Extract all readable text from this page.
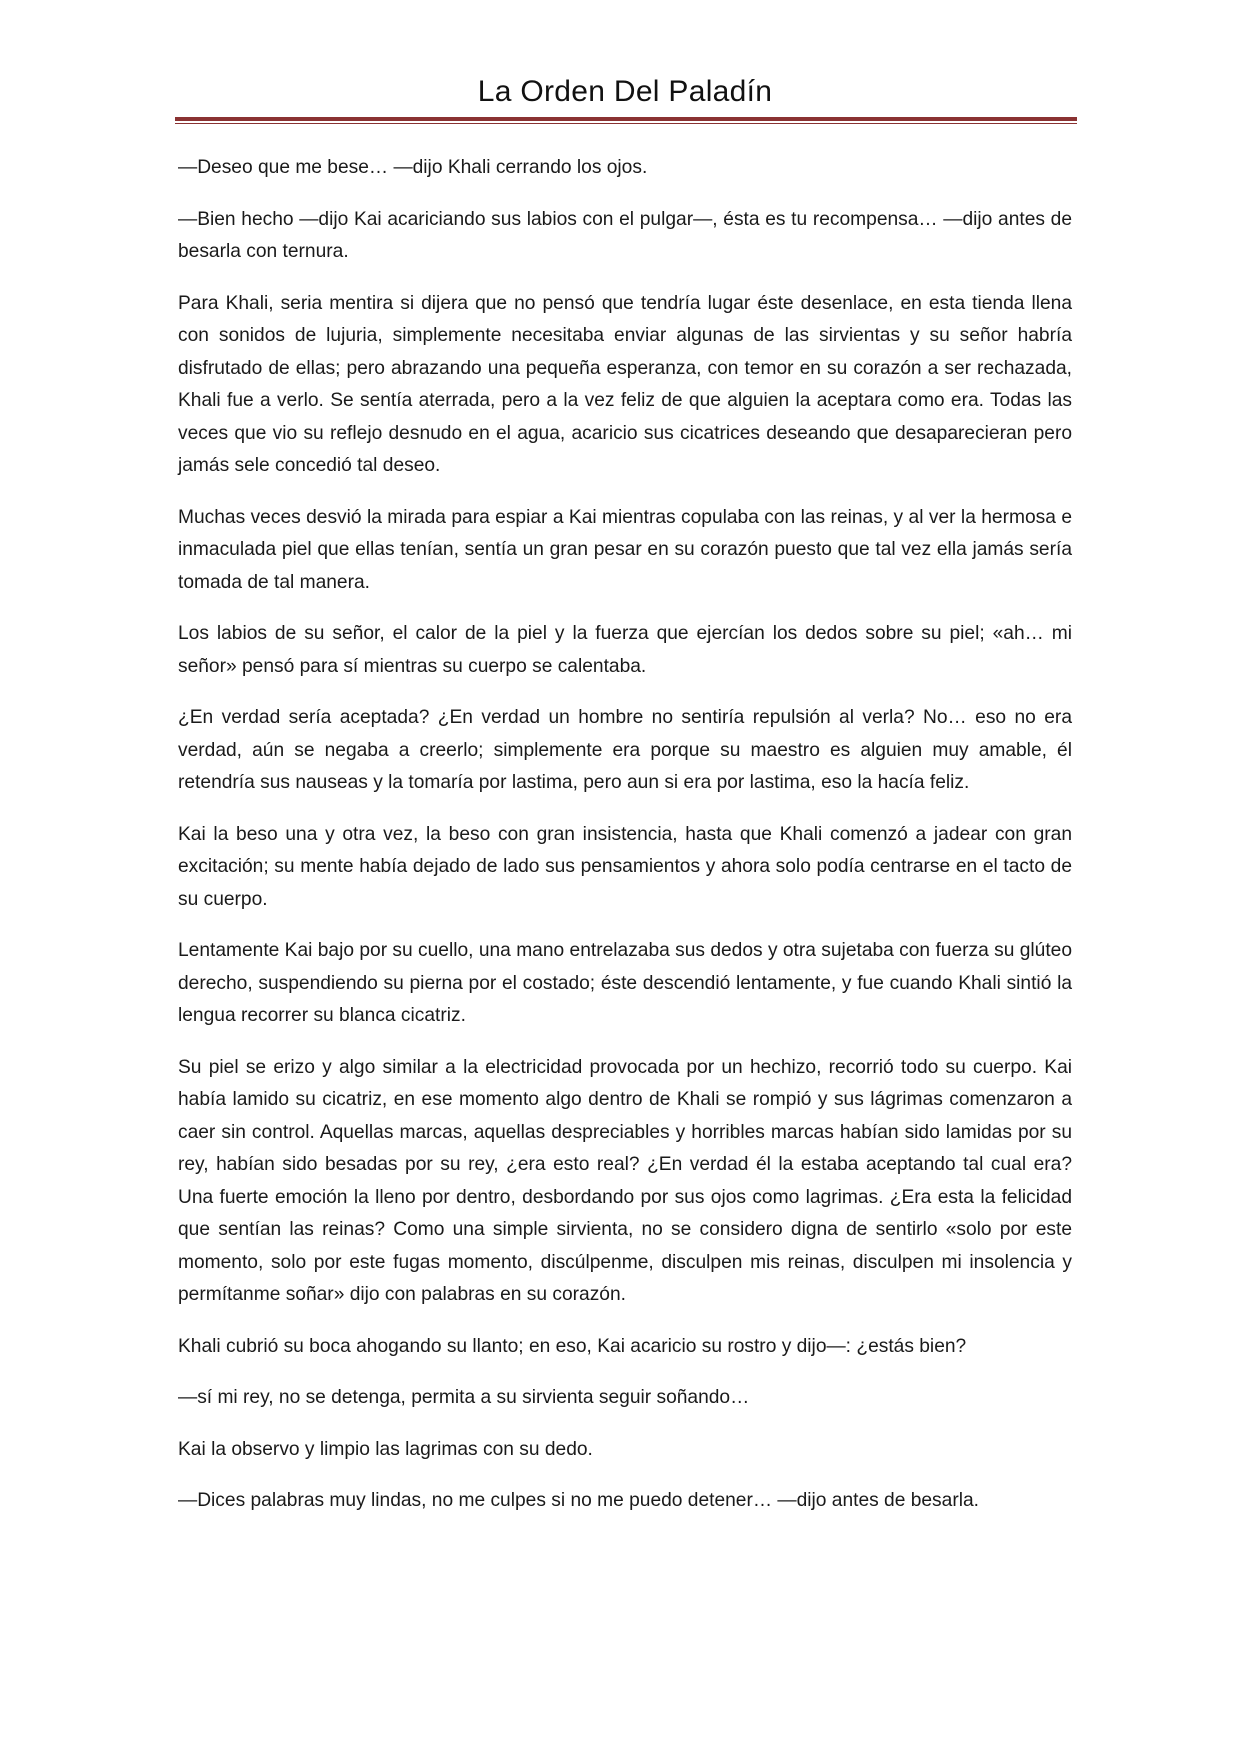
La Orden Del Paladín

—Deseo que me bese… —dijo Khali cerrando los ojos.

—Bien hecho —dijo Kai acariciando sus labios con el pulgar—, ésta es tu recompensa… —dijo antes de besarla con ternura.

Para Khali, seria mentira si dijera que no pensó que tendría lugar éste desenlace, en esta tienda llena con sonidos de lujuria, simplemente necesitaba enviar algunas de las sirvientas y su señor habría disfrutado de ellas; pero abrazando una pequeña esperanza, con temor en su corazón a ser rechazada, Khali fue a verlo. Se sentía aterrada, pero a la vez feliz de que alguien la aceptara como era. Todas las veces que vio su reflejo desnudo en el agua, acaricio sus cicatrices deseando que desaparecieran pero jamás sele concedió tal deseo.

Muchas veces desvió la mirada para espiar a Kai mientras copulaba con las reinas, y al ver la hermosa e inmaculada piel que ellas tenían, sentía un gran pesar en su corazón puesto que tal vez ella jamás sería tomada de tal manera.

Los labios de su señor, el calor de la piel y la fuerza que ejercían los dedos sobre su piel; «ah… mi señor» pensó para sí mientras su cuerpo se calentaba.

¿En verdad sería aceptada? ¿En verdad un hombre no sentiría repulsión al verla? No… eso no era verdad, aún se negaba a creerlo; simplemente era porque su maestro es alguien muy amable, él retendría sus nauseas y la tomaría por lastima, pero aun si era por lastima, eso la hacía feliz.

Kai la beso una y otra vez, la beso con gran insistencia, hasta que Khali comenzó a jadear con gran excitación; su mente había dejado de lado sus pensamientos y ahora solo podía centrarse en el tacto de su cuerpo.

Lentamente Kai bajo por su cuello, una mano entrelazaba sus dedos y otra sujetaba con fuerza su glúteo derecho, suspendiendo su pierna por el costado; éste descendió lentamente, y fue cuando Khali sintió la lengua recorrer su blanca cicatriz.

Su piel se erizo y algo similar a la electricidad provocada por un hechizo, recorrió todo su cuerpo. Kai había lamido su cicatriz, en ese momento algo dentro de Khali se rompió y sus lágrimas comenzaron a caer sin control. Aquellas marcas, aquellas despreciables y horribles marcas habían sido lamidas por su rey, habían sido besadas por su rey, ¿era esto real? ¿En verdad él la estaba aceptando tal cual era? Una fuerte emoción la lleno por dentro, desbordando por sus ojos como lagrimas. ¿Era esta la felicidad que sentían las reinas? Como una simple sirvienta, no se considero digna de sentirlo «solo por este momento, solo por este fugas momento, discúlpenme, disculpen mis reinas, disculpen mi insolencia y permítanme soñar» dijo con palabras en su corazón.

Khali cubrió su boca ahogando su llanto; en eso, Kai acaricio su rostro y dijo—: ¿estás bien?

—sí mi rey, no se detenga, permita a su sirvienta seguir soñando…

Kai la observo y limpio las lagrimas con su dedo.

—Dices palabras muy lindas, no me culpes si no me puedo detener… —dijo antes de besarla.
